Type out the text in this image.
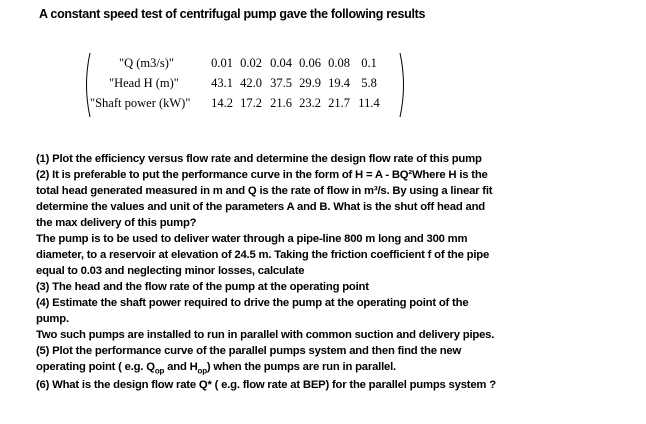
A constant speed test of centrifugal pump gave the following results
"Q (m3/s)"	0.01 0.02 0.04 0.06 0.08 0.1
"Head H (m)"	43.1 42.0 37.5 29.9 19.4 5.8
"Shaft power (kW)"	14.2 17.2 21.6 23.2 21.7 11.4
(1) Plot the efficiency versus flow rate and determine the design flow rate of this pump
(2) It is preferable to put the performance curve in the form of H = A - BQ²Where H is the
total head generated measured in m and Q is the rate of flow in m³/s. By using a linear fit
determine the values and unit of the parameters A and B. What is the shut off head and
the max delivery of this pump?
The pump is to be used to deliver water through a pipe-line 800 m long and 300 mm
diameter, to a reservoir at elevation of 24.5 m. Taking the friction coefficient f of the pipe
equal to 0.03 and neglecting minor losses, calculate
(3) The head and the flow rate of the pump at the operating point
(4) Estimate the shaft power required to drive the pump at the operating point of the
pump.
Two such pumps are installed to run in parallel with common suction and delivery pipes.
(5) Plot the performance curve of the parallel pumps system and then find the new
operating point ( e.g. $Q_{op}$ and $H_{op}$) when the pumps are run in parallel.
(6) What is the design flow rate Q* ( e.g. flow rate at BEP) for the parallel pumps system ?
